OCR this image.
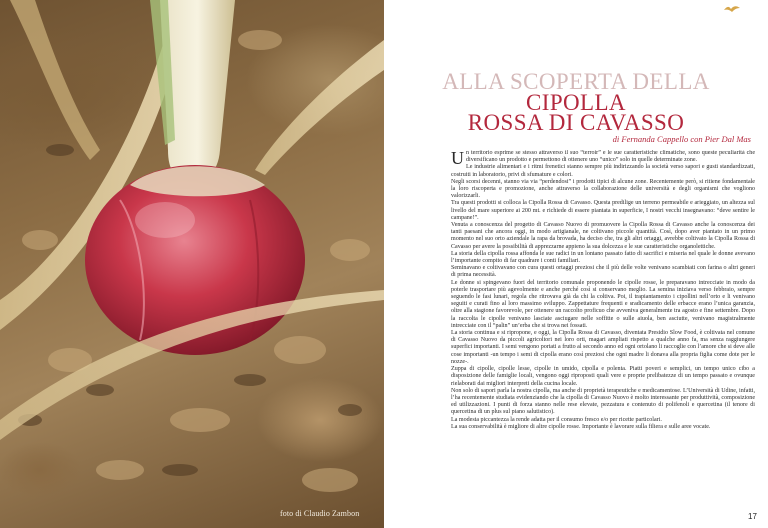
foto di Claudio Zambon
ALLA SCOPERTA DELLA
CIPOLLA
ROSSA DI CAVASSO
di Fernanda Cappello con Pier Dal Mas
U n territorio esprime se stesso attraverso il suo “terroir” e le sue caratteristiche climatiche, sono queste peculiarità che diversificano un prodotto e permettono di ottenere uno “unico” solo in quelle determinate zone.

Le industrie alimentari e i ritmi frenetici stanno sempre più indirizzando la società verso sapori e gusti standardizzati, costruiti in laboratorio, privi di sfumature e colori.

Negli scorsi decenni, stanno via via “perdendosi” i prodotti tipici di alcune zone. Recentemente però, si ritiene fondamentale la loro riscoperta e promozione, anche attraverso la collaborazione delle università e degli organismi che vogliono valorizzarli.

Tra questi prodotti si colloca la Cipolla Rossa di Cavasso. Questa predilige un terreno permeabile e arieggiato, un altezza sul livello del mare superiore ai 200 mt. e richiede di essere piantata in superficie, I nostri vecchi insegnavano: “deve sentire le campane!”.

Venuta a conoscenza del progetto di Cavasso Nuovo di promuovere la Cipolla Rossa di Cavasso anche la conoscenza dei tanti paesani che ancora oggi, in modo artigianale, ne coltivano piccole quantità. Così, dopo aver piantato in un primo momento nel suo orto aziendale la rapa da brovada, ha deciso che, tra gli altri ortaggi, avrebbe coltivato la Cipolla Rossa di Cavasso per avere la possibilità di apprezzarne appieno la sua dolcezza e le sue caratteristiche organolettiche.

La storia della cipolla rossa affonda le sue radici in un lontano passato fatto di sacrifici e miseria nel quale le donne avevano l’importante compito di far quadrare i conti familiari.

Seminavano e coltivavano con cura questi ortaggi preziosi che il più delle volte venivano scambiati con farina o altri generi di prima necessità.

Le donne si spingevano fuori del territorio comunale proponendo le cipolle rosse, le preparavano intrecciate in modo da poterle trasportare più agevolmente e anche perché così si conservano meglio. La semina iniziava verso febbraio, sempre seguendo le fasi lunari, regola che ritrovava già da chi la coltiva. Poi, il trapiantamento i cipollini nell’orto e li venivano seguiti e curati fino al loro massimo sviluppo. Zappettature frequenti e sradicamento delle erbacce erano l’unica garanzia, oltre alla stagione favorevole, per ottenere un raccolto proficuo che avveniva generalmente tra agosto e fine settembre. Dopo la raccolta le cipolle venivano lasciate asciugare nelle soffitte o sulle aiuola, ben asciutte, venivano magistralmente intrecciate con il “palin” un’erba che si trova nei fossati.

La storia continua e si ripropone, e oggi, la Cipolla Rossa di Cavasso, diventata Presidio Slow Food, è coltivata nel comune di Cavasso Nuovo da piccoli agricoltori nei loro orti, magari ampliati rispetto a qualche anno fa, ma senza raggiungere superfici importanti. I semi vengono portati a frutto al secondo anno ed ogni ortolano li raccoglie con l’amore che si deve alle cose importanti -un tempo i semi di cipolla erano così preziosi che ogni madre li donava alla propria figlia come dote per le nozze-.

Zuppa di cipolle, cipolle lesse, cipolle in umido, cipolla e polenta. Piatti poveri e semplici, un tempo unico cibo a disposizione delle famiglie locali, vengono oggi riproposti quali vere e proprie prelibatezze di un tempo passato e ovunque rielaborati dai migliori interpreti della cucina locale.

Non solo di sapori parla la nostra cipolla, ma anche di proprietà terapeutiche e medicamentose. L’Università di Udine, infatti, l’ha recentemente studiata evidenziando che la cipolla di Cavasso Nuovo è molto interessante per produttività, composizione ed utilizzazioni. I punti di forza stanno nelle rese elevate, pezzatura e contenuto di polifenoli e quercetina (il tenore di quercetina di un plus sul piano salutistico).

La modesta piccantezza la rende adatta per il consumo fresco e/o per ricette particolari.

La sua conservabilità è migliore di altre cipolle rosse. Importante è lavorare sulla filiera e sulle aree vocate.

17
